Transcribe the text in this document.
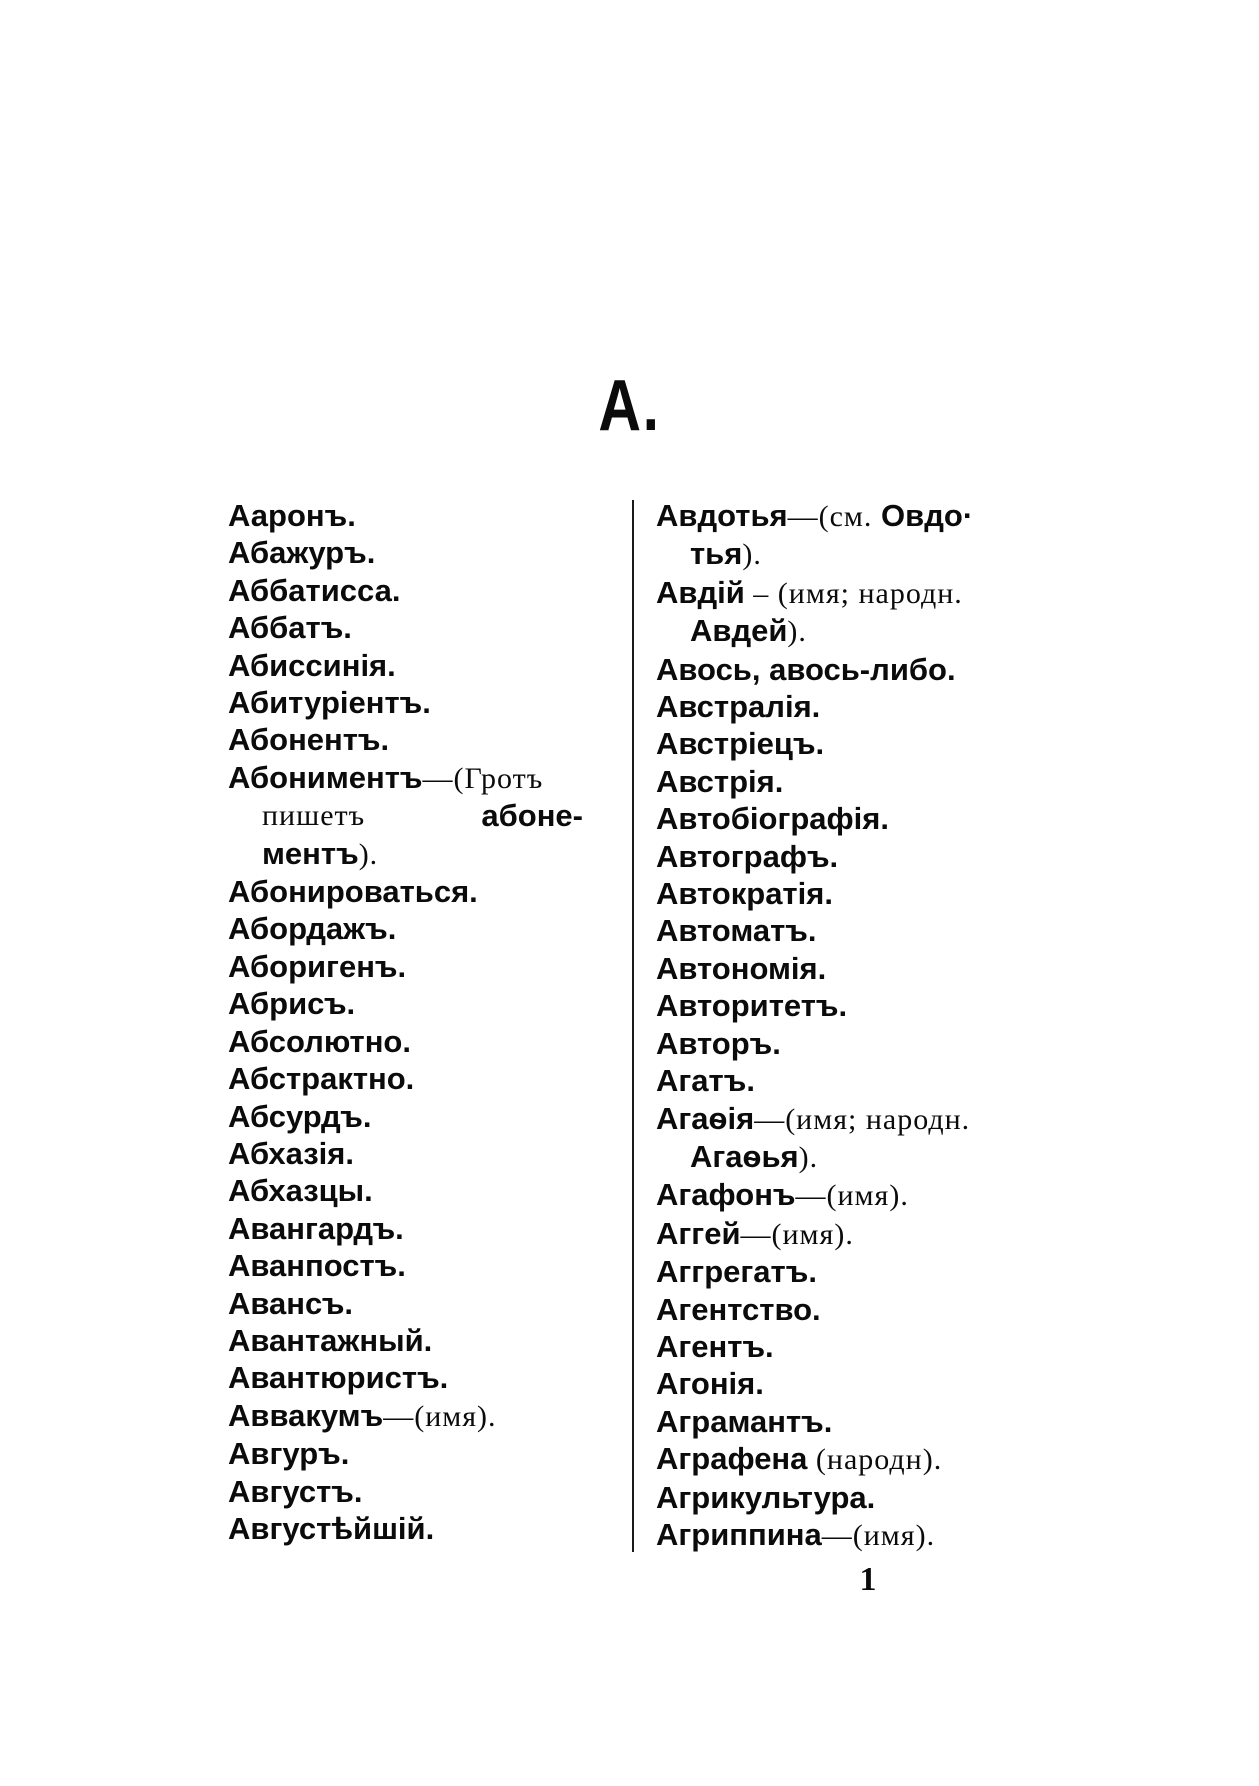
А.
Ааронъ.
Абажуръ.
Аббатисса.
Аббатъ.
Абиссинія.
Абитуріентъ.
Абонентъ.
Абониментъ—(Гротъ
пишетъ	абоне-
ментъ).
Абонироваться.
Абордажъ.
Аборигенъ.
Абрисъ.
Абсолютно.
Абстрактно.
Абсурдъ.
Абхазія.
Абхазцы.
Авангардъ.
Аванпостъ.
Авансъ.
Авантажный.
Авантюристъ.
Аввакумъ—(имя).
Авгуръ.
Августъ.
Августѣйшій.
Авдотья—(см. Овдо·
тья).
Авдій – (имя; народн.
Авдей).
Авось, авось-либо.
Австралія.
Австріецъ.
Австрія.
Автобіографія.
Автографъ.
Автократія.
Автоматъ.
Автономія.
Авторитетъ.
Авторъ.
Агатъ.
Агаѳія—(имя; народн.
Агаѳья).
Агафонъ—(имя).
Аггей—(имя).
Аггрегатъ.
Агентство.
Агентъ.
Агонія.
Аграмантъ.
Аграфена (народн).
Агрикультура.
Агриппина—(имя).
1
